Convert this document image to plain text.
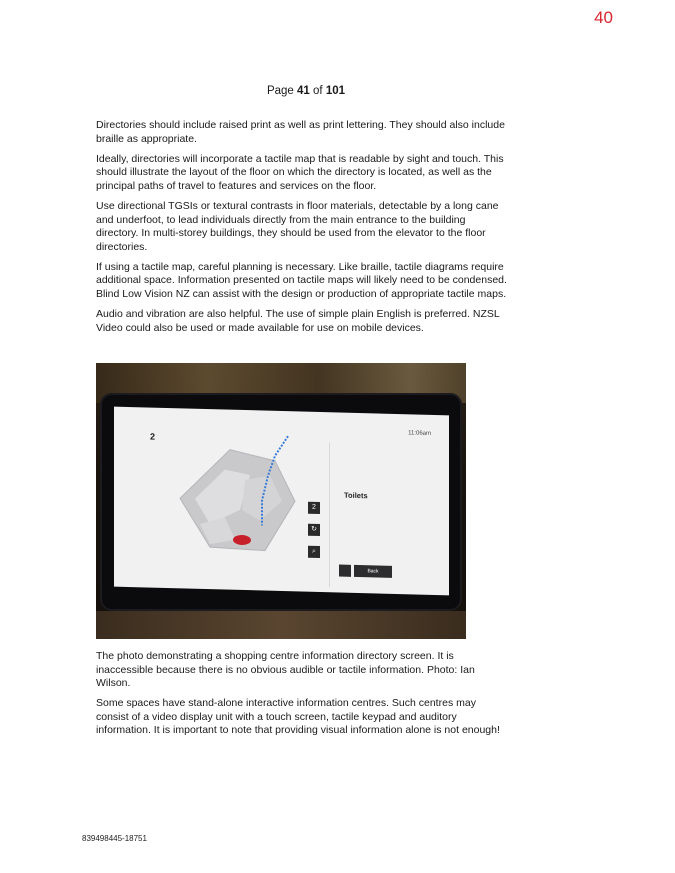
40
Page 41 of 101

Directories should include raised print as well as print lettering. They should also include braille as appropriate.

Ideally, directories will incorporate a tactile map that is readable by sight and touch. This should illustrate the layout of the floor on which the directory is located, as well as the principal paths of travel to features and services on the floor.

Use directional TGSIs or textural contrasts in floor materials, detectable by a long cane and underfoot, to lead individuals directly from the main entrance to the building directory. In multi-storey buildings, they should be used from the elevator to the floor directories.

If using a tactile map, careful planning is necessary. Like braille, tactile diagrams require additional space. Information presented on tactile maps will likely need to be condensed. Blind Low Vision NZ can assist with the design or production of appropriate tactile maps.

Audio and vibration are also helpful. The use of simple plain English is preferred. NZSL Video could also be used or made available for use on mobile devices.

2	11:06am
2
↻
⌕
Toilets
Back

The photo demonstrating a shopping centre information directory screen. It is inaccessible because there is no obvious audible or tactile information. Photo: Ian Wilson.

Some spaces have stand-alone interactive information centres. Such centres may consist of a video display unit with a touch screen, tactile keypad and auditory information. It is important to note that providing visual information alone is not enough!

839498445-18751
